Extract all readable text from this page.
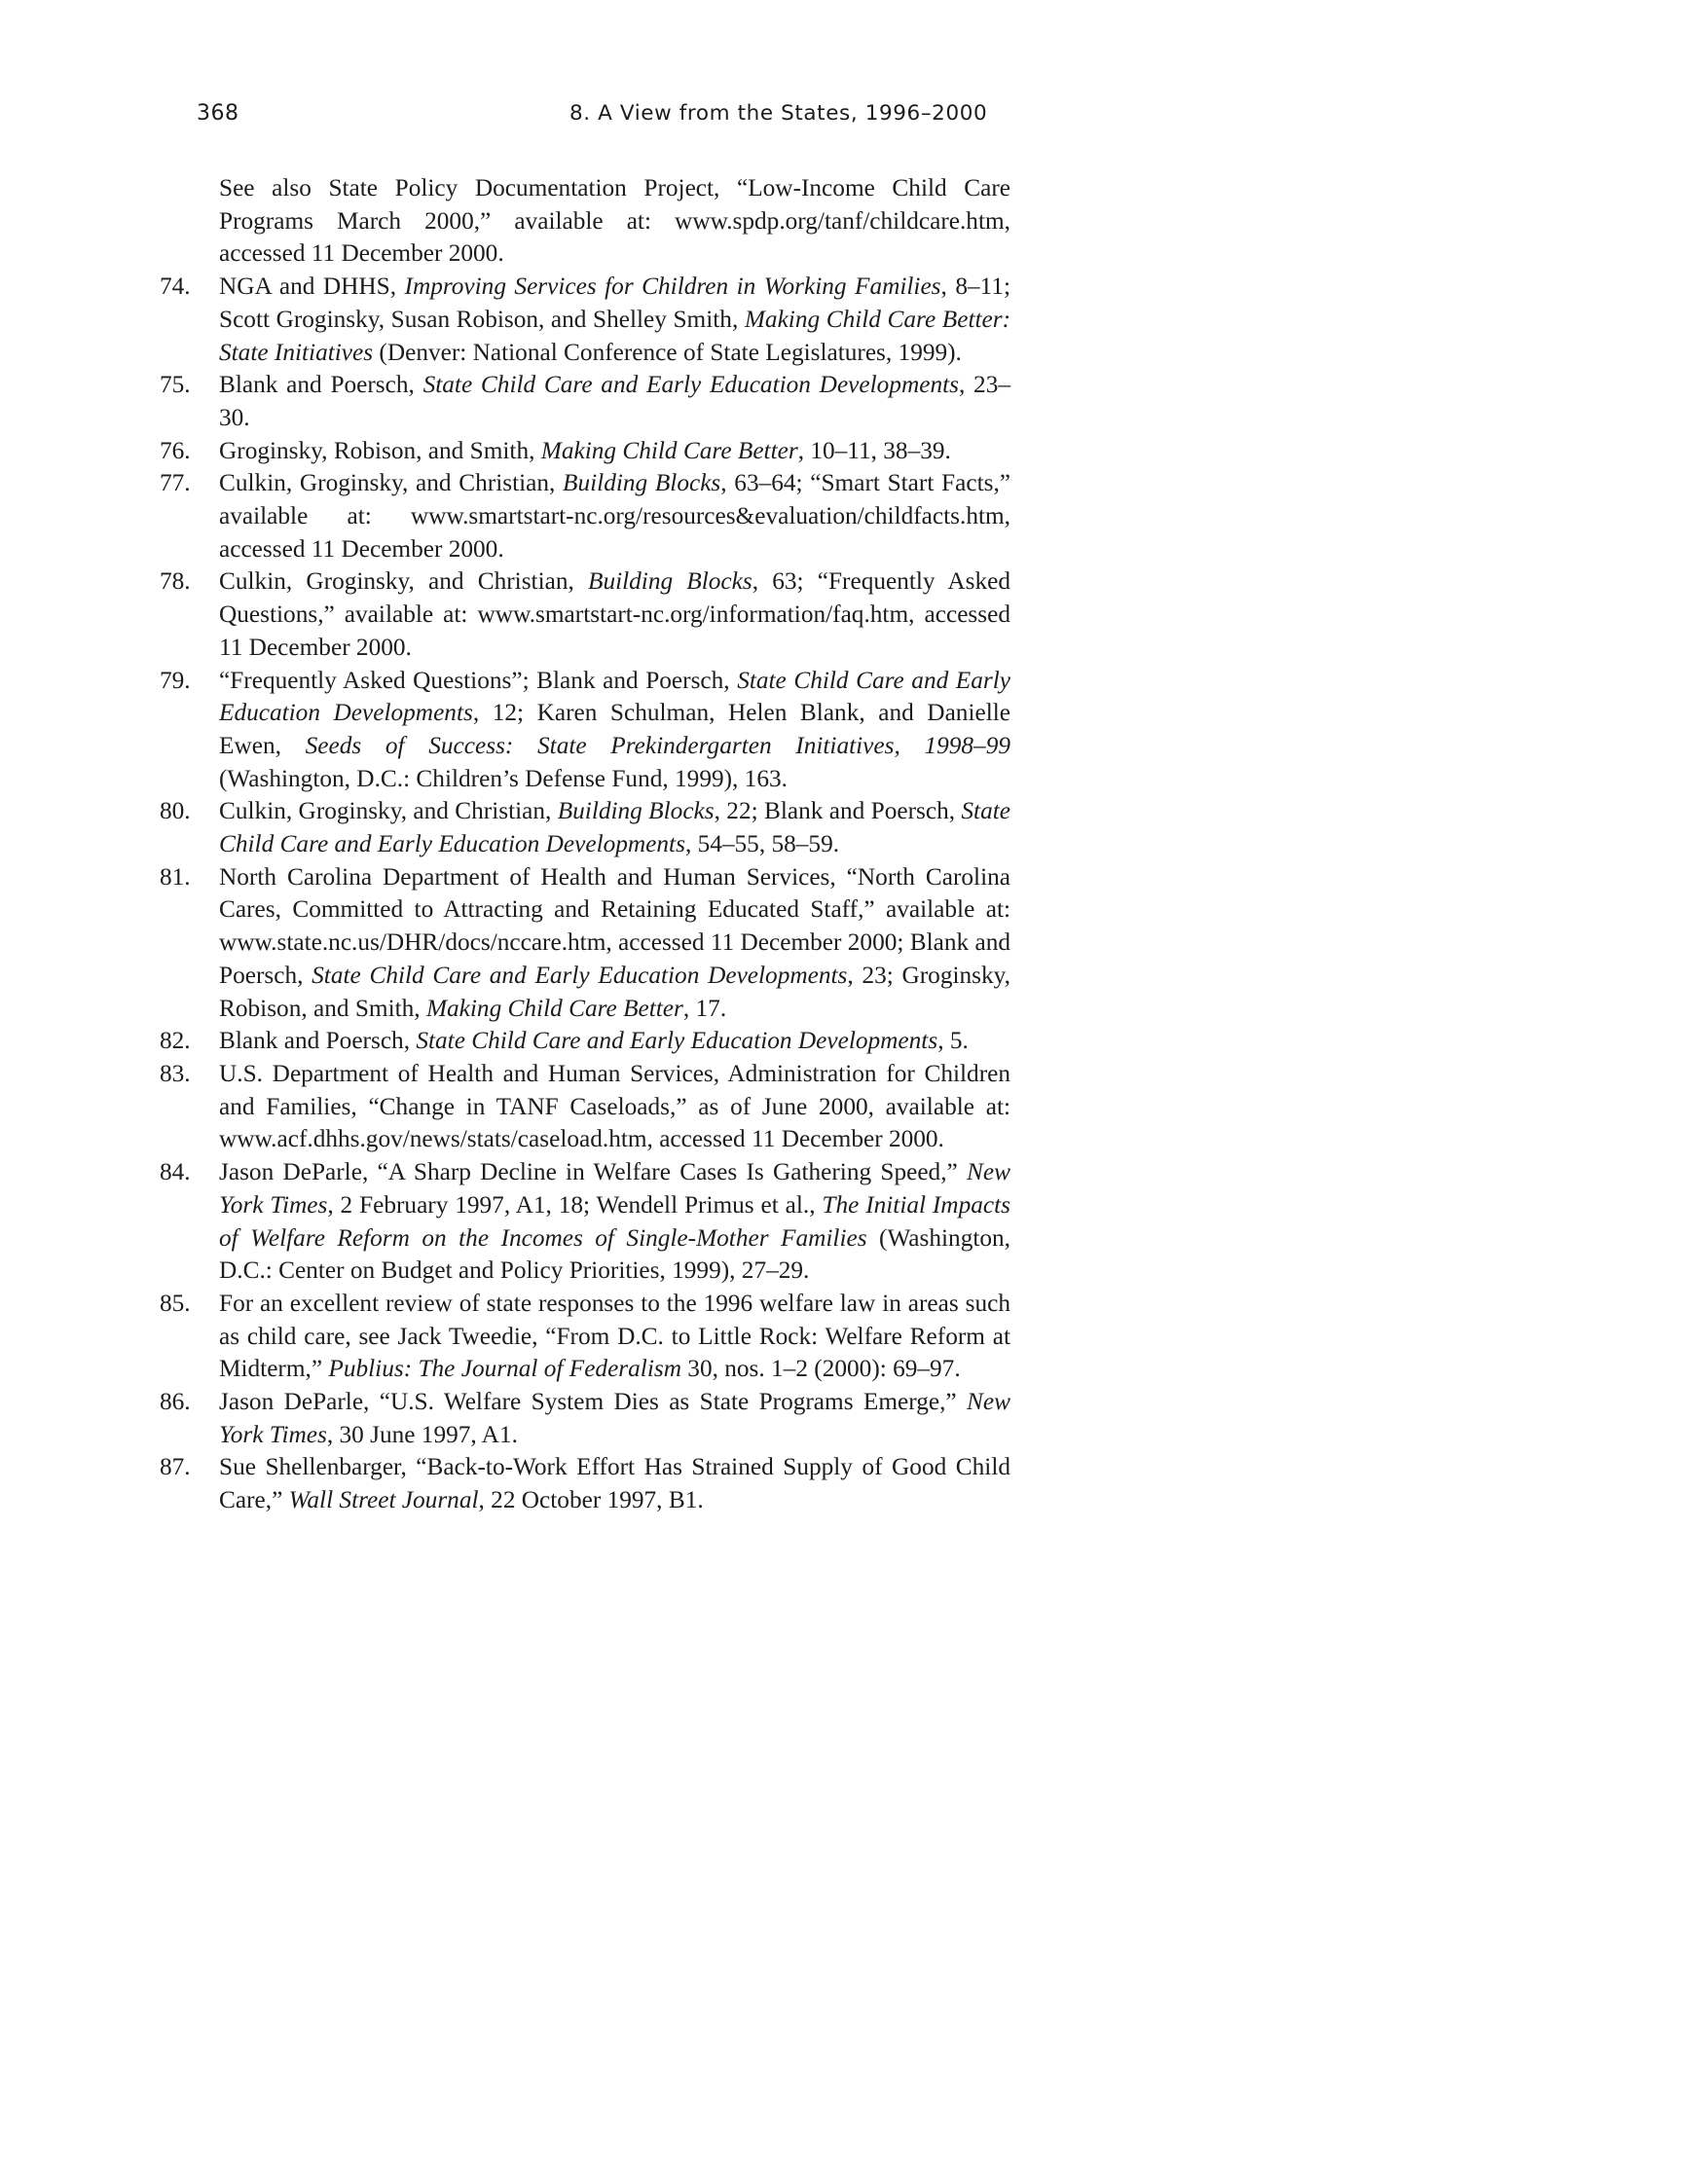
368	8. A View from the States, 1996–2000

See also State Policy Documentation Project, “Low-Income Child Care Programs March 2000,” available at: www.spdp.org/tanf/childcare.htm, accessed 11 December 2000.

74.	NGA and DHHS, Improving Services for Children in Working Families, 8–11; Scott Groginsky, Susan Robison, and Shelley Smith, Making Child Care Better: State Initiatives (Denver: National Conference of State Legislatures, 1999).

75.	Blank and Poersch, State Child Care and Early Education Developments, 23–30.

76.	Groginsky, Robison, and Smith, Making Child Care Better, 10–11, 38–39.

77.	Culkin, Groginsky, and Christian, Building Blocks, 63–64; “Smart Start Facts,” available at: www.smartstart-nc.org/resources&evaluation/childfacts.htm, accessed 11 December 2000.

78.	Culkin, Groginsky, and Christian, Building Blocks, 63; “Frequently Asked Questions,” available at: www.smartstart-nc.org/information/faq.htm, accessed 11 December 2000.

79.	“Frequently Asked Questions”; Blank and Poersch, State Child Care and Early Education Developments, 12; Karen Schulman, Helen Blank, and Danielle Ewen, Seeds of Success: State Prekindergarten Initiatives, 1998–99 (Washington, D.C.: Children’s Defense Fund, 1999), 163.

80.	Culkin, Groginsky, and Christian, Building Blocks, 22; Blank and Poersch, State Child Care and Early Education Developments, 54–55, 58–59.

81.	North Carolina Department of Health and Human Services, “North Carolina Cares, Committed to Attracting and Retaining Educated Staff,” available at: www.state.nc.us/DHR/docs/nccare.htm, accessed 11 December 2000; Blank and Poersch, State Child Care and Early Education Developments, 23; Groginsky, Robison, and Smith, Making Child Care Better, 17.

82.	Blank and Poersch, State Child Care and Early Education Developments, 5.

83.	U.S. Department of Health and Human Services, Administration for Children and Families, “Change in TANF Caseloads,” as of June 2000, available at: www.acf.dhhs.gov/news/stats/caseload.htm, accessed 11 December 2000.

84.	Jason DeParle, “A Sharp Decline in Welfare Cases Is Gathering Speed,” New York Times, 2 February 1997, A1, 18; Wendell Primus et al., The Initial Impacts of Welfare Reform on the Incomes of Single-Mother Families (Washington, D.C.: Center on Budget and Policy Priorities, 1999), 27–29.

85.	For an excellent review of state responses to the 1996 welfare law in areas such as child care, see Jack Tweedie, “From D.C. to Little Rock: Welfare Reform at Midterm,” Publius: The Journal of Federalism 30, nos. 1–2 (2000): 69–97.

86.	Jason DeParle, “U.S. Welfare System Dies as State Programs Emerge,” New York Times, 30 June 1997, A1.

87.	Sue Shellenbarger, “Back-to-Work Effort Has Strained Supply of Good Child Care,” Wall Street Journal, 22 October 1997, B1.
